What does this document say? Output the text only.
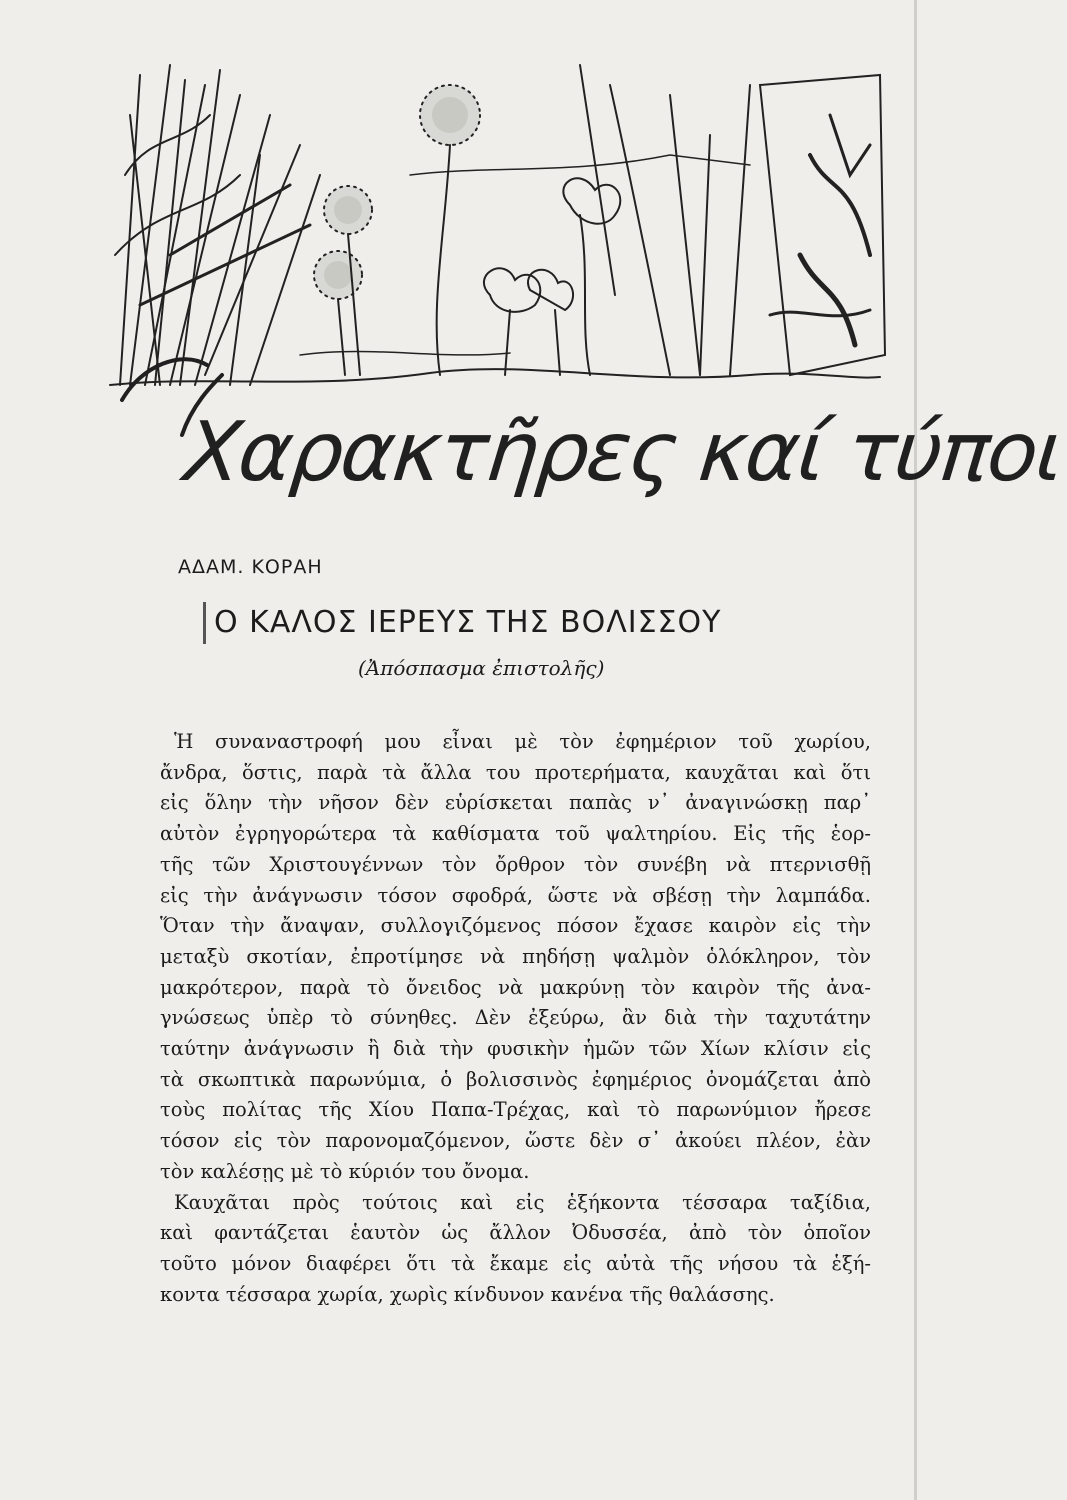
Χαρακτῆρες καί τύποι
ΑΔΑΜ. ΚΟΡΑΗ
Ο ΚΑΛΟΣ ΙΕΡΕΥΣ ΤΗΣ ΒΟΛΙΣΣΟΥ
(Ἀπόσπασμα ἐπιστολῆς)
Ἡ συναναστροφή μου εἶναι μὲ τὸν ἐφημέριον τοῦ χωρίου,
ἄνδρα, ὅστις, παρὰ τὰ ἄλλα του προτερήματα, καυχᾶται καὶ ὅτι
εἰς ὅλην τὴν νῆσον δὲν εὑρίσκεται παπὰς ν᾽ ἀναγινώσκῃ παρ᾽
αὐτὸν ἐγρηγορώτερα τὰ καθίσματα τοῦ ψαλτηρίου. Εἰς τῆς ἑορ-
τῆς τῶν Χριστουγέννων τὸν ὄρθρον τὸν συνέβη νὰ πτερνισθῇ
εἰς τὴν ἀνάγνωσιν τόσον σφοδρά, ὥστε νὰ σβέσῃ τὴν λαμπάδα.
Ὅταν τὴν ἄναψαν, συλλογιζόμενος πόσον ἔχασε καιρὸν εἰς τὴν
μεταξὺ σκοτίαν, ἐπροτίμησε νὰ πηδήσῃ ψαλμὸν ὁλόκληρον, τὸν
μακρότερον, παρὰ τὸ ὄνειδος νὰ μακρύνῃ τὸν καιρὸν τῆς ἀνα-
γνώσεως ὑπὲρ τὸ σύνηθες. Δὲν ἐξεύρω, ἂν διὰ τὴν ταχυτάτην
ταύτην ἀνάγνωσιν ἢ διὰ τὴν φυσικὴν ἡμῶν τῶν Χίων κλίσιν εἰς
τὰ σκωπτικὰ παρωνύμια, ὁ βολισσινὸς ἐφημέριος ὀνομάζεται ἀπὸ
τοὺς πολίτας τῆς Χίου Παπα-Τρέχας, καὶ τὸ παρωνύμιον ἤρεσε
τόσον εἰς τὸν παρονομαζόμενον, ὥστε δὲν σ᾽ ἀκούει πλέον, ἐὰν
τὸν καλέσῃς μὲ τὸ κύριόν του ὄνομα.
Καυχᾶται πρὸς τούτοις καὶ εἰς ἑξήκοντα τέσσαρα ταξίδια,
καὶ φαντάζεται ἑαυτὸν ὡς ἄλλον Ὀδυσσέα, ἀπὸ τὸν ὁποῖον
τοῦτο μόνον διαφέρει ὅτι τὰ ἔκαμε εἰς αὐτὰ τῆς νήσου τὰ ἑξή-
κοντα τέσσαρα χωρία, χωρὶς κίνδυνον κανένα τῆς θαλάσσης.
